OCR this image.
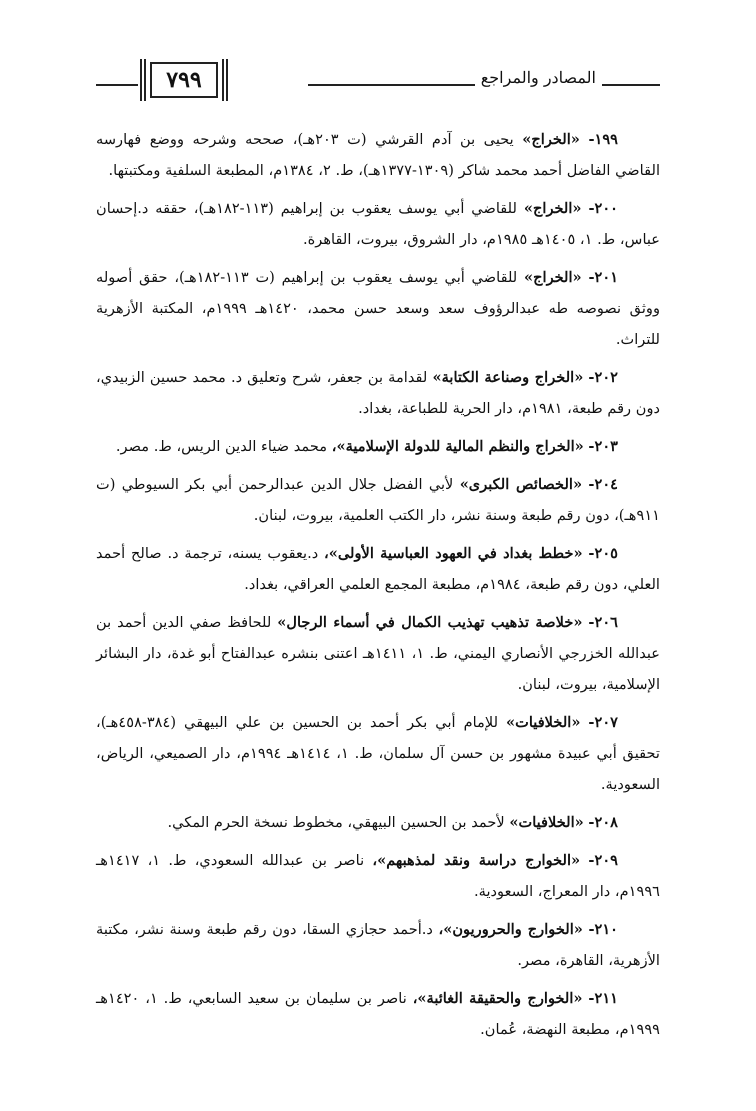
٧٩٩	المصادر والمراجع

١٩٩- «الخراج» يحيى بن آدم القرشي (ت ٢٠٣هـ)، صححه وشرحه ووضع فهارسه القاضي الفاضل أحمد محمد شاكر (١٣٠٩-١٣٧٧هـ)، ط. ٢، ١٣٨٤م، المطبعة السلفية ومكتبتها.

٢٠٠- «الخراج» للقاضي أبي يوسف يعقوب بن إبراهيم (١١٣-١٨٢هـ)، حققه د.إحسان عباس، ط. ١، ١٤٠٥هـ ١٩٨٥م، دار الشروق، بيروت، القاهرة.

٢٠١- «الخراج» للقاضي أبي يوسف يعقوب بن إبراهيم (ت ١١٣-١٨٢هـ)، حقق أصوله ووثق نصوصه طه عبدالرؤوف سعد وسعد حسن محمد، ١٤٢٠هـ ١٩٩٩م، المكتبة الأزهرية للتراث.

٢٠٢- «الخراج وصناعة الكتابة» لقدامة بن جعفر، شرح وتعليق د. محمد حسين الزبيدي، دون رقم طبعة، ١٩٨١م، دار الحرية للطباعة، بغداد.

٢٠٣- «الخراج والنظم المالية للدولة الإسلامية»، محمد ضياء الدين الريس، ط. مصر.

٢٠٤- «الخصائص الكبرى» لأبي الفضل جلال الدين عبدالرحمن أبي بكر السيوطي (ت ٩١١هـ)، دون رقم طبعة وسنة نشر، دار الكتب العلمية، بيروت، لبنان.

٢٠٥- «خطط بغداد في العهود العباسية الأولى»، د.يعقوب يسنه، ترجمة د. صالح أحمد العلي، دون رقم طبعة، ١٩٨٤م، مطبعة المجمع العلمي العراقي، بغداد.

٢٠٦- «خلاصة تذهيب تهذيب الكمال في أسماء الرجال» للحافظ صفي الدين أحمد بن عبدالله الخزرجي الأنصاري اليمني، ط. ١، ١٤١١هـ اعتنى بنشره عبدالفتاح أبو غدة، دار البشائر الإسلامية، بيروت، لبنان.

٢٠٧- «الخلافيات» للإمام أبي بكر أحمد بن الحسين بن علي البيهقي (٣٨٤-٤٥٨هـ)، تحقيق أبي عبيدة مشهور بن حسن آل سلمان، ط. ١، ١٤١٤هـ ١٩٩٤م، دار الصميعي، الرياض، السعودية.

٢٠٨- «الخلافيات» لأحمد بن الحسين البيهقي، مخطوط نسخة الحرم المكي.

٢٠٩- «الخوارج دراسة ونقد لمذهبهم»، ناصر بن عبدالله السعودي، ط. ١، ١٤١٧هـ ١٩٩٦م، دار المعراج، السعودية.

٢١٠- «الخوارج والحروريون»، د.أحمد حجازي السقا، دون رقم طبعة وسنة نشر، مكتبة الأزهرية، القاهرة، مصر.

٢١١- «الخوارج والحقيقة الغائبة»، ناصر بن سليمان بن سعيد السابعي، ط. ١، ١٤٢٠هـ ١٩٩٩م، مطبعة النهضة، عُمان.
